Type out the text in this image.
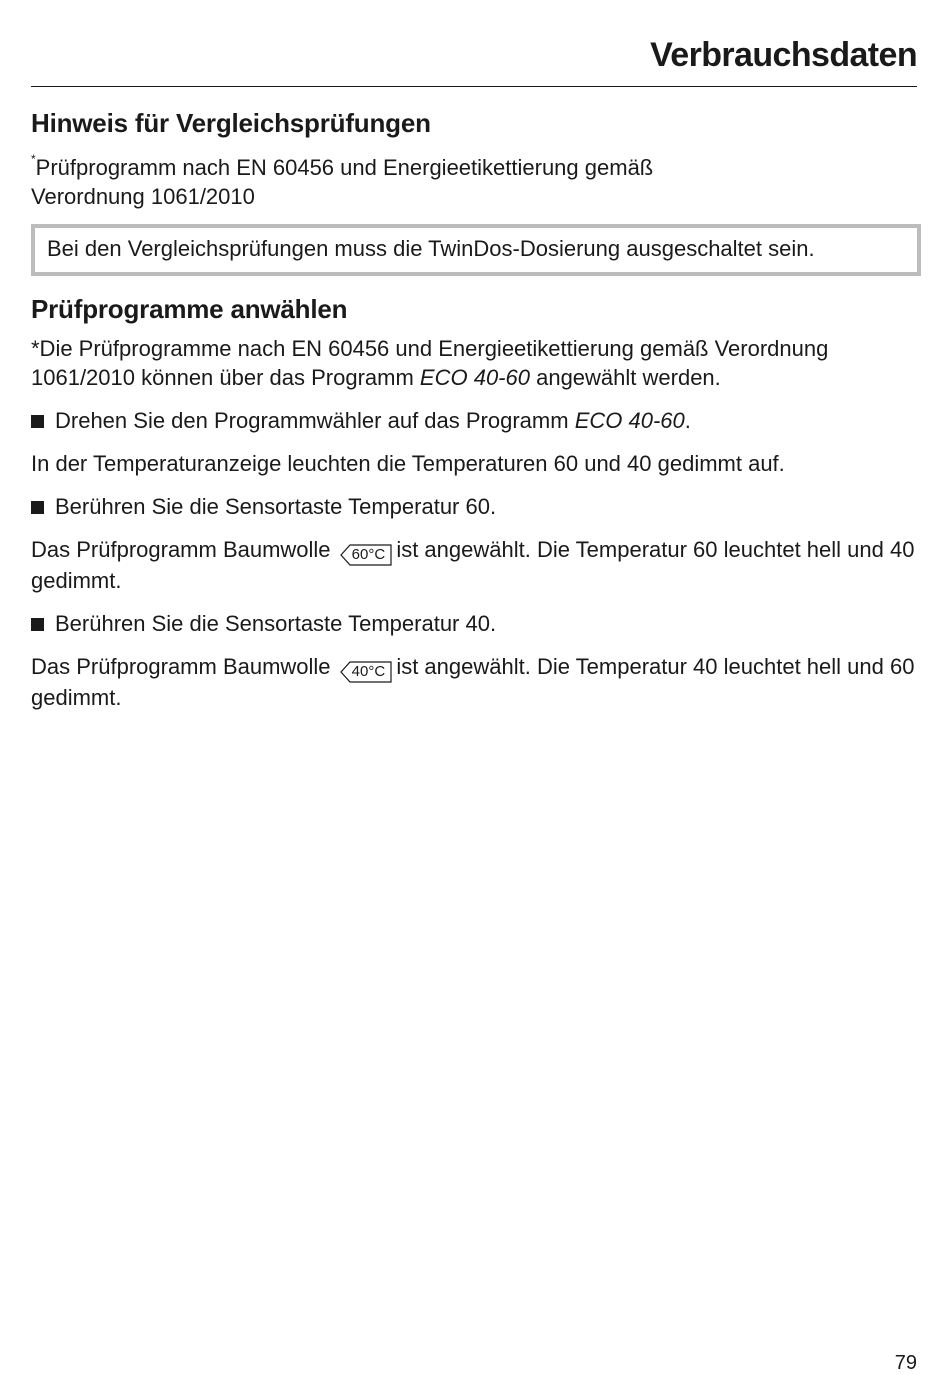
Verbrauchsdaten
Hinweis für Vergleichsprüfungen

*Prüfprogramm nach EN 60456 und Energieetikettierung gemäß
Verordnung 1061/2010

Bei den Vergleichsprüfungen muss die TwinDos-Dosierung ausgeschaltet sein.
Prüfprogramme anwählen

*Die Prüfprogramme nach EN 60456 und Energieetikettierung gemäß Verordnung 1061/2010 können über das Programm ECO 40-60 angewählt werden.

Drehen Sie den Programmwähler auf das Programm ECO 40-60.

In der Temperaturanzeige leuchten die Temperaturen 60 und 40 gedimmt auf.

Berühren Sie die Sensortaste Temperatur 60.

Das Prüfprogramm Baumwolle 60°C ist angewählt. Die Temperatur 60 leuchtet hell und 40 gedimmt.

Berühren Sie die Sensortaste Temperatur 40.

Das Prüfprogramm Baumwolle 40°C ist angewählt. Die Temperatur 40 leuchtet hell und 60 gedimmt.

79
